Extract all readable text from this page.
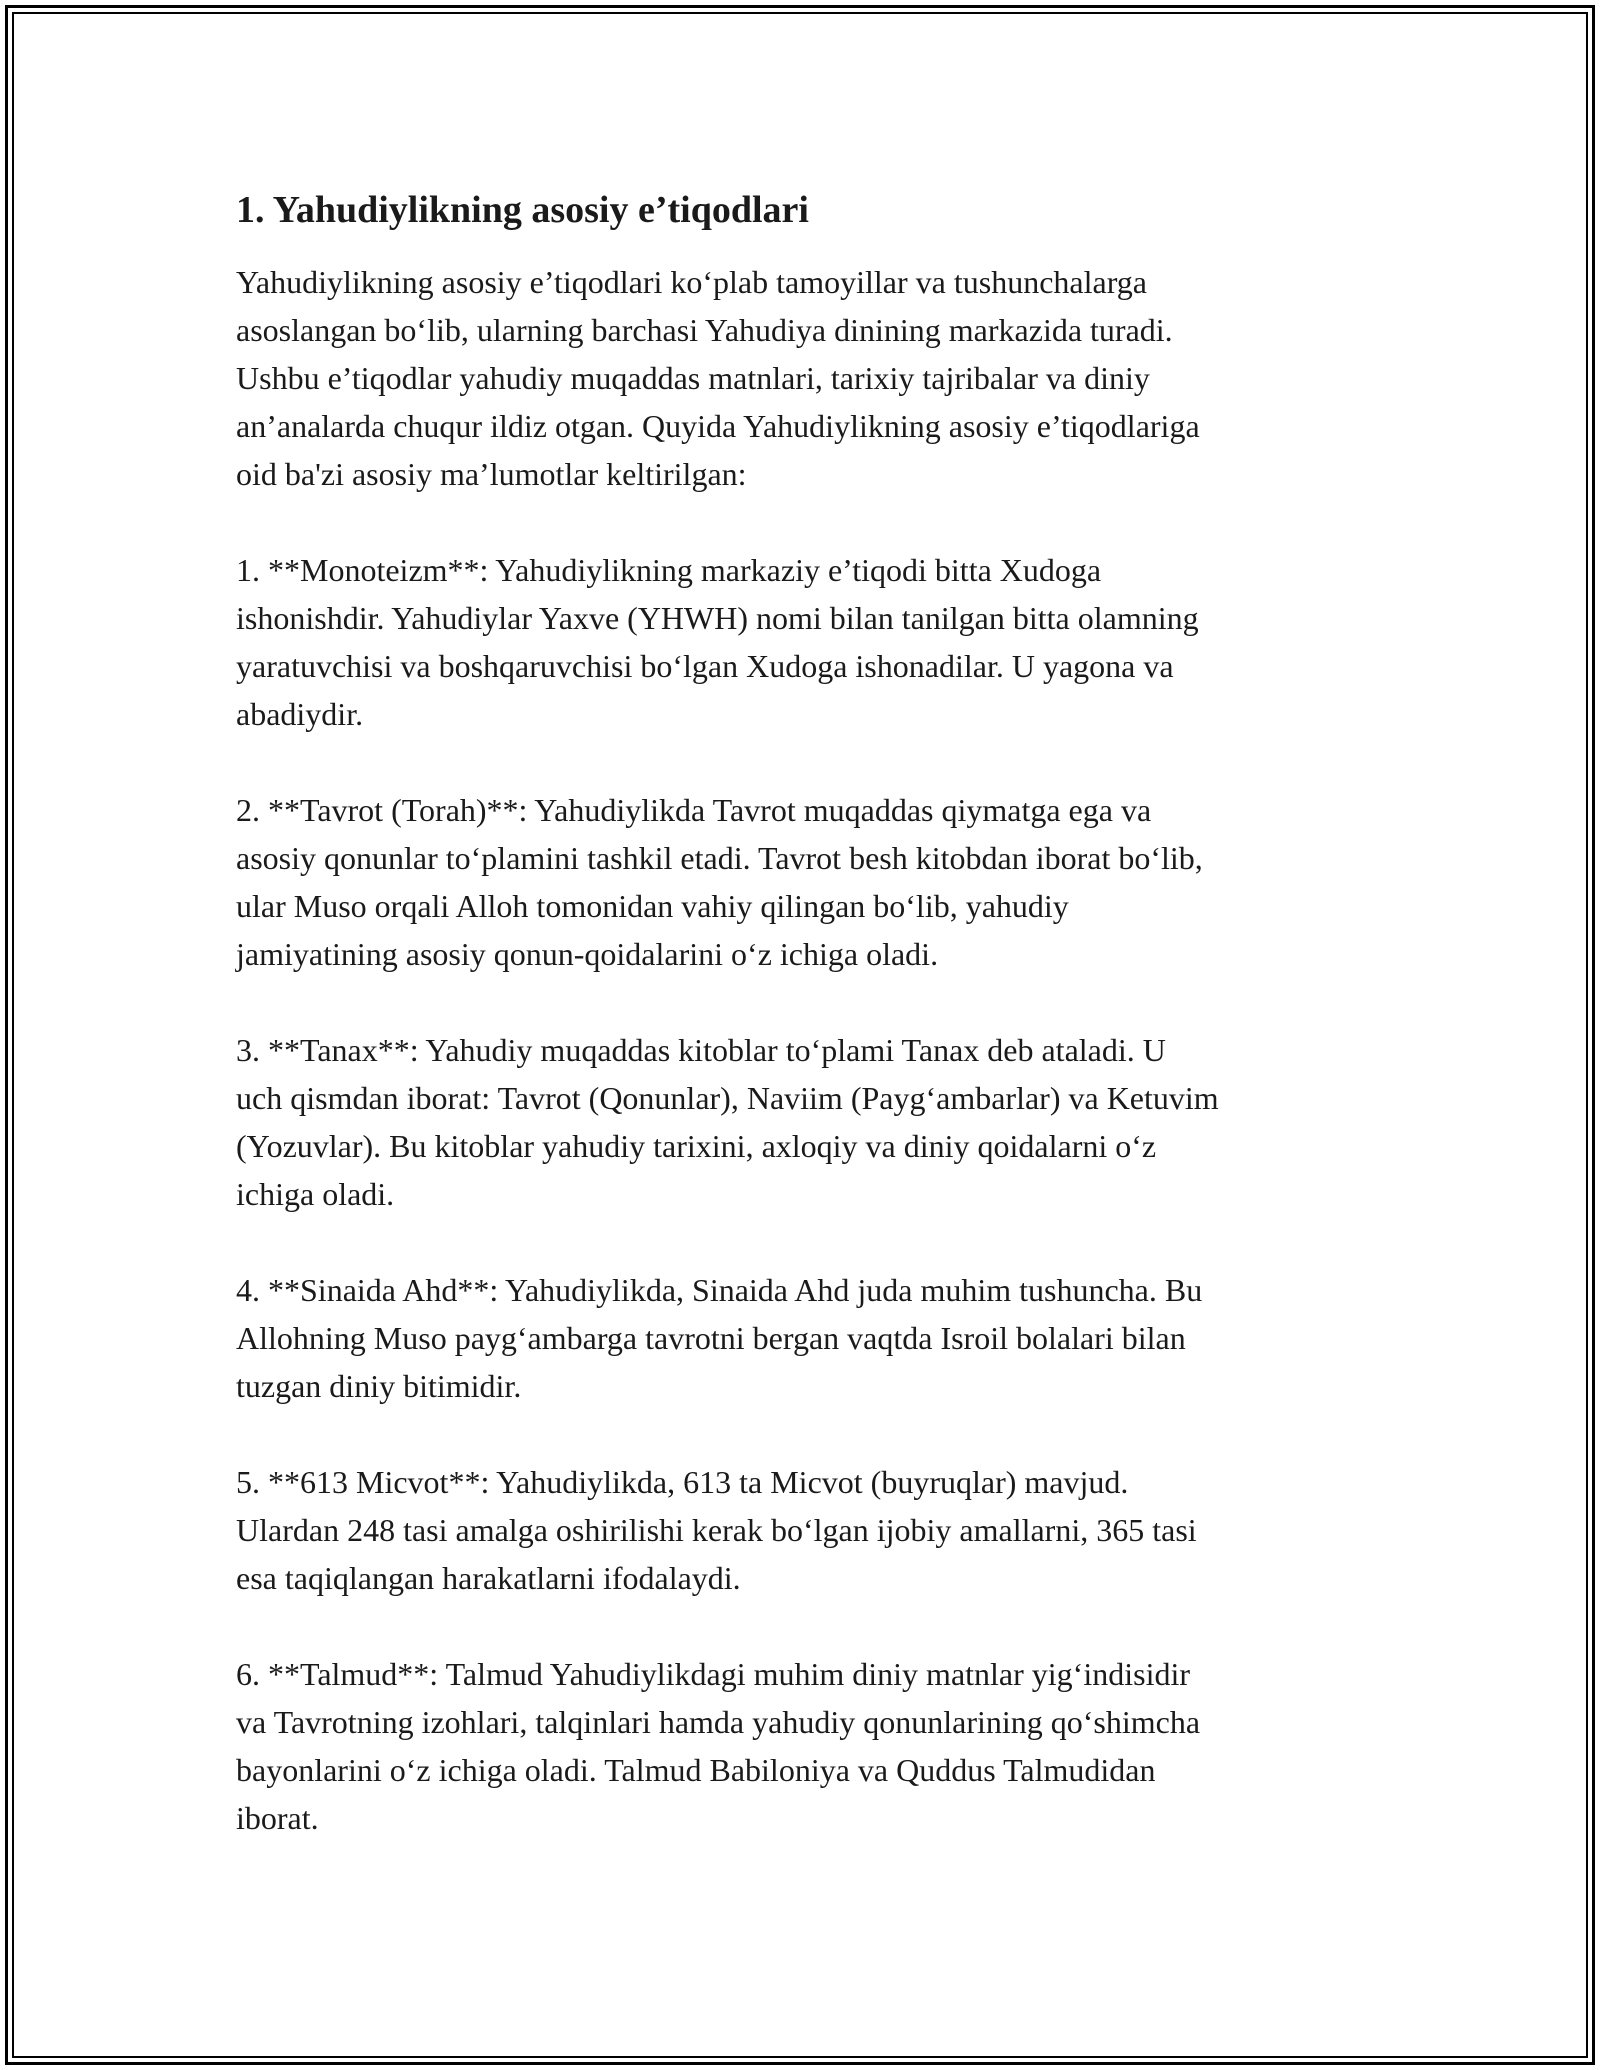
1. Yahudiylikning asosiy e’tiqodlari

Yahudiylikning asosiy e’tiqodlari ko‘plab tamoyillar va tushunchalarga
asoslangan bo‘lib, ularning barchasi Yahudiya dinining markazida turadi.
Ushbu e’tiqodlar yahudiy muqaddas matnlari, tarixiy tajribalar va diniy
an’analarda chuqur ildiz otgan. Quyida Yahudiylikning asosiy e’tiqodlariga
oid ba'zi asosiy ma’lumotlar keltirilgan:

1. **Monoteizm**: Yahudiylikning markaziy e’tiqodi bitta Xudoga
ishonishdir. Yahudiylar Yaxve (YHWH) nomi bilan tanilgan bitta olamning
yaratuvchisi va boshqaruvchisi bo‘lgan Xudoga ishonadilar. U yagona va
abadiydir.

2. **Tavrot (Torah)**: Yahudiylikda Tavrot muqaddas qiymatga ega va
asosiy qonunlar to‘plamini tashkil etadi. Tavrot besh kitobdan iborat bo‘lib,
ular Muso orqali Alloh tomonidan vahiy qilingan bo‘lib, yahudiy
jamiyatining asosiy qonun-qoidalarini o‘z ichiga oladi.

3. **Tanax**: Yahudiy muqaddas kitoblar to‘plami Tanax deb ataladi. U
uch qismdan iborat: Tavrot (Qonunlar), Naviim (Payg‘ambarlar) va Ketuvim
(Yozuvlar). Bu kitoblar yahudiy tarixini, axloqiy va diniy qoidalarni o‘z
ichiga oladi.

4. **Sinaida Ahd**: Yahudiylikda, Sinaida Ahd juda muhim tushuncha. Bu
Allohning Muso payg‘ambarga tavrotni bergan vaqtda Isroil bolalari bilan
tuzgan diniy bitimidir.

5. **613 Micvot**: Yahudiylikda, 613 ta Micvot (buyruqlar) mavjud.
Ulardan 248 tasi amalga oshirilishi kerak bo‘lgan ijobiy amallarni, 365 tasi
esa taqiqlangan harakatlarni ifodalaydi.

6. **Talmud**: Talmud Yahudiylikdagi muhim diniy matnlar yig‘indisidir
va Tavrotning izohlari, talqinlari hamda yahudiy qonunlarining qo‘shimcha
bayonlarini o‘z ichiga oladi. Talmud Babiloniya va Quddus Talmudidan
iborat.
